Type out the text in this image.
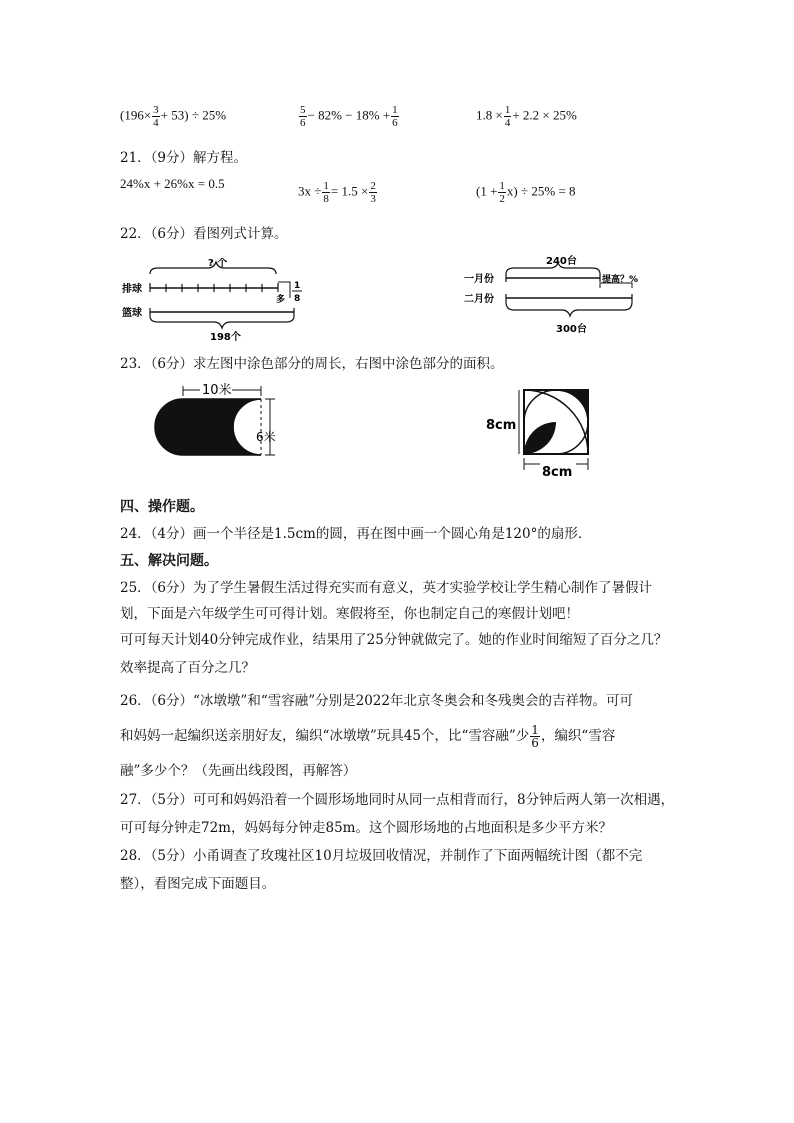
$(196\times \frac{3}{4} + 53) \div 25\%$	$\frac{5}{6} - 82\% - 18\% + \frac{1}{6}$	$1.8 \times \frac{1}{4} + 2.2 \times 25\%$
21．（9分）解方程。
24%x + 26%x = 0.5	$3x \div \frac{1}{8} = 1.5 \times \frac{2}{3}$	$(1 + \frac{1}{2} x) \div 25\% = 8$
22．（6分）看图列式计算。
? 个
排球
多
1
8
篮球
198个
240台
一月份	提高？%
二月份
300台
23．（6分）求左图中涂色部分的周长，右图中涂色部分的面积。
10米
6米
8cm
8cm
四、操作题。
24．（4分）画一个半径是1.5cm的圆，再在图中画一个圆心角是120°的扇形．
五、解决问题。
25．（6分）为了学生暑假生活过得充实而有意义，英才实验学校让学生精心制作了暑假计
划，下面是六年级学生可可得计划。寒假将至，你也制定自己的寒假计划吧！
可可每天计划40分钟完成作业，结果用了25分钟就做完了。她的作业时间缩短了百分之几？
效率提高了百分之几？
26．（6分）“冰墩墩”和“雪容融”分别是2022年北京冬奥会和冬残奥会的吉祥物。可可
和妈妈一起编织送亲朋好友，编织“冰墩墩”玩具45个，比“雪容融”少 $\frac{1}{6}$ ，编织“雪容
融”多少个？（先画出线段图，再解答）
27．（5分）可可和妈妈沿着一个圆形场地同时从同一点相背而行，8分钟后两人第一次相遇，
可可每分钟走72m，妈妈每分钟走85m。这个圆形场地的占地面积是多少平方米？
28．（5分）小甬调查了玫瑰社区10月垃圾回收情况，并制作了下面两幅统计图（都不完
整），看图完成下面题目。
